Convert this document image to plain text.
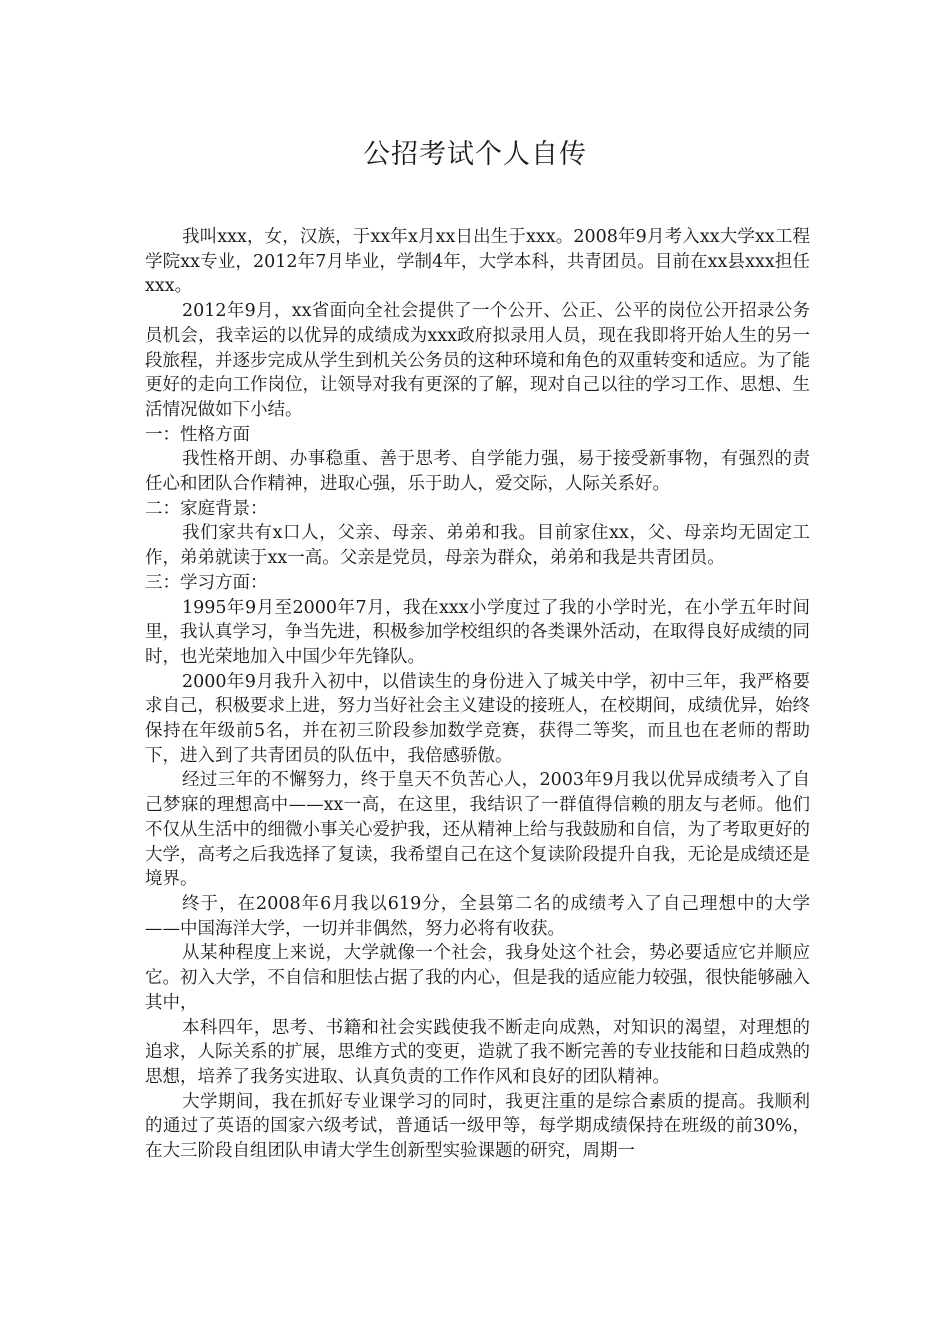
公招考试个人自传

我叫xxx，女，汉族，于xx年x月xx日出生于xxx。2008年9月考入xx大学xx工程学院xx专业，2012年7月毕业，学制4年，大学本科，共青团员。目前在xx县xxx担任xxx。

2012年9月，xx省面向全社会提供了一个公开、公正、公平的岗位公开招录公务员机会，我幸运的以优异的成绩成为xxx政府拟录用人员，现在我即将开始人生的另一段旅程，并逐步完成从学生到机关公务员的这种环境和角色的双重转变和适应。为了能更好的走向工作岗位，让领导对我有更深的了解，现对自己以往的学习工作、思想、生活情况做如下小结。

一：性格方面

我性格开朗、办事稳重、善于思考、自学能力强，易于接受新事物，有强烈的责任心和团队合作精神，进取心强，乐于助人，爱交际，人际关系好。

二：家庭背景：

我们家共有x口人，父亲、母亲、弟弟和我。目前家住xx，父、母亲均无固定工作，弟弟就读于xx一高。父亲是党员，母亲为群众，弟弟和我是共青团员。

三：学习方面：

1995年9月至2000年7月，我在xxx小学度过了我的小学时光，在小学五年时间里，我认真学习，争当先进，积极参加学校组织的各类课外活动，在取得良好成绩的同时，也光荣地加入中国少年先锋队。

2000年9月我升入初中，以借读生的身份进入了城关中学，初中三年，我严格要求自己，积极要求上进，努力当好社会主义建设的接班人，在校期间，成绩优异，始终保持在年级前5名，并在初三阶段参加数学竞赛，获得二等奖，而且也在老师的帮助下，进入到了共青团员的队伍中，我倍感骄傲。

经过三年的不懈努力，终于皇天不负苦心人，2003年9月我以优异成绩考入了自己梦寐的理想高中——xx一高，在这里，我结识了一群值得信赖的朋友与老师。他们不仅从生活中的细微小事关心爱护我，还从精神上给与我鼓励和自信，为了考取更好的大学，高考之后我选择了复读，我希望自己在这个复读阶段提升自我，无论是成绩还是境界。

终于，在2008年6月我以619分，全县第二名的成绩考入了自己理想中的大学——中国海洋大学，一切并非偶然，努力必将有收获。

从某种程度上来说，大学就像一个社会，我身处这个社会，势必要适应它并顺应它。初入大学，不自信和胆怯占据了我的内心，但是我的适应能力较强，很快能够融入其中，

本科四年，思考、书籍和社会实践使我不断走向成熟，对知识的渴望，对理想的追求，人际关系的扩展，思维方式的变更，造就了我不断完善的专业技能和日趋成熟的思想，培养了我务实进取、认真负责的工作作风和良好的团队精神。

大学期间，我在抓好专业课学习的同时，我更注重的是综合素质的提高。我顺利的通过了英语的国家六级考试，普通话一级甲等，每学期成绩保持在班级的前30%，在大三阶段自组团队申请大学生创新型实验课题的研究，周期一
